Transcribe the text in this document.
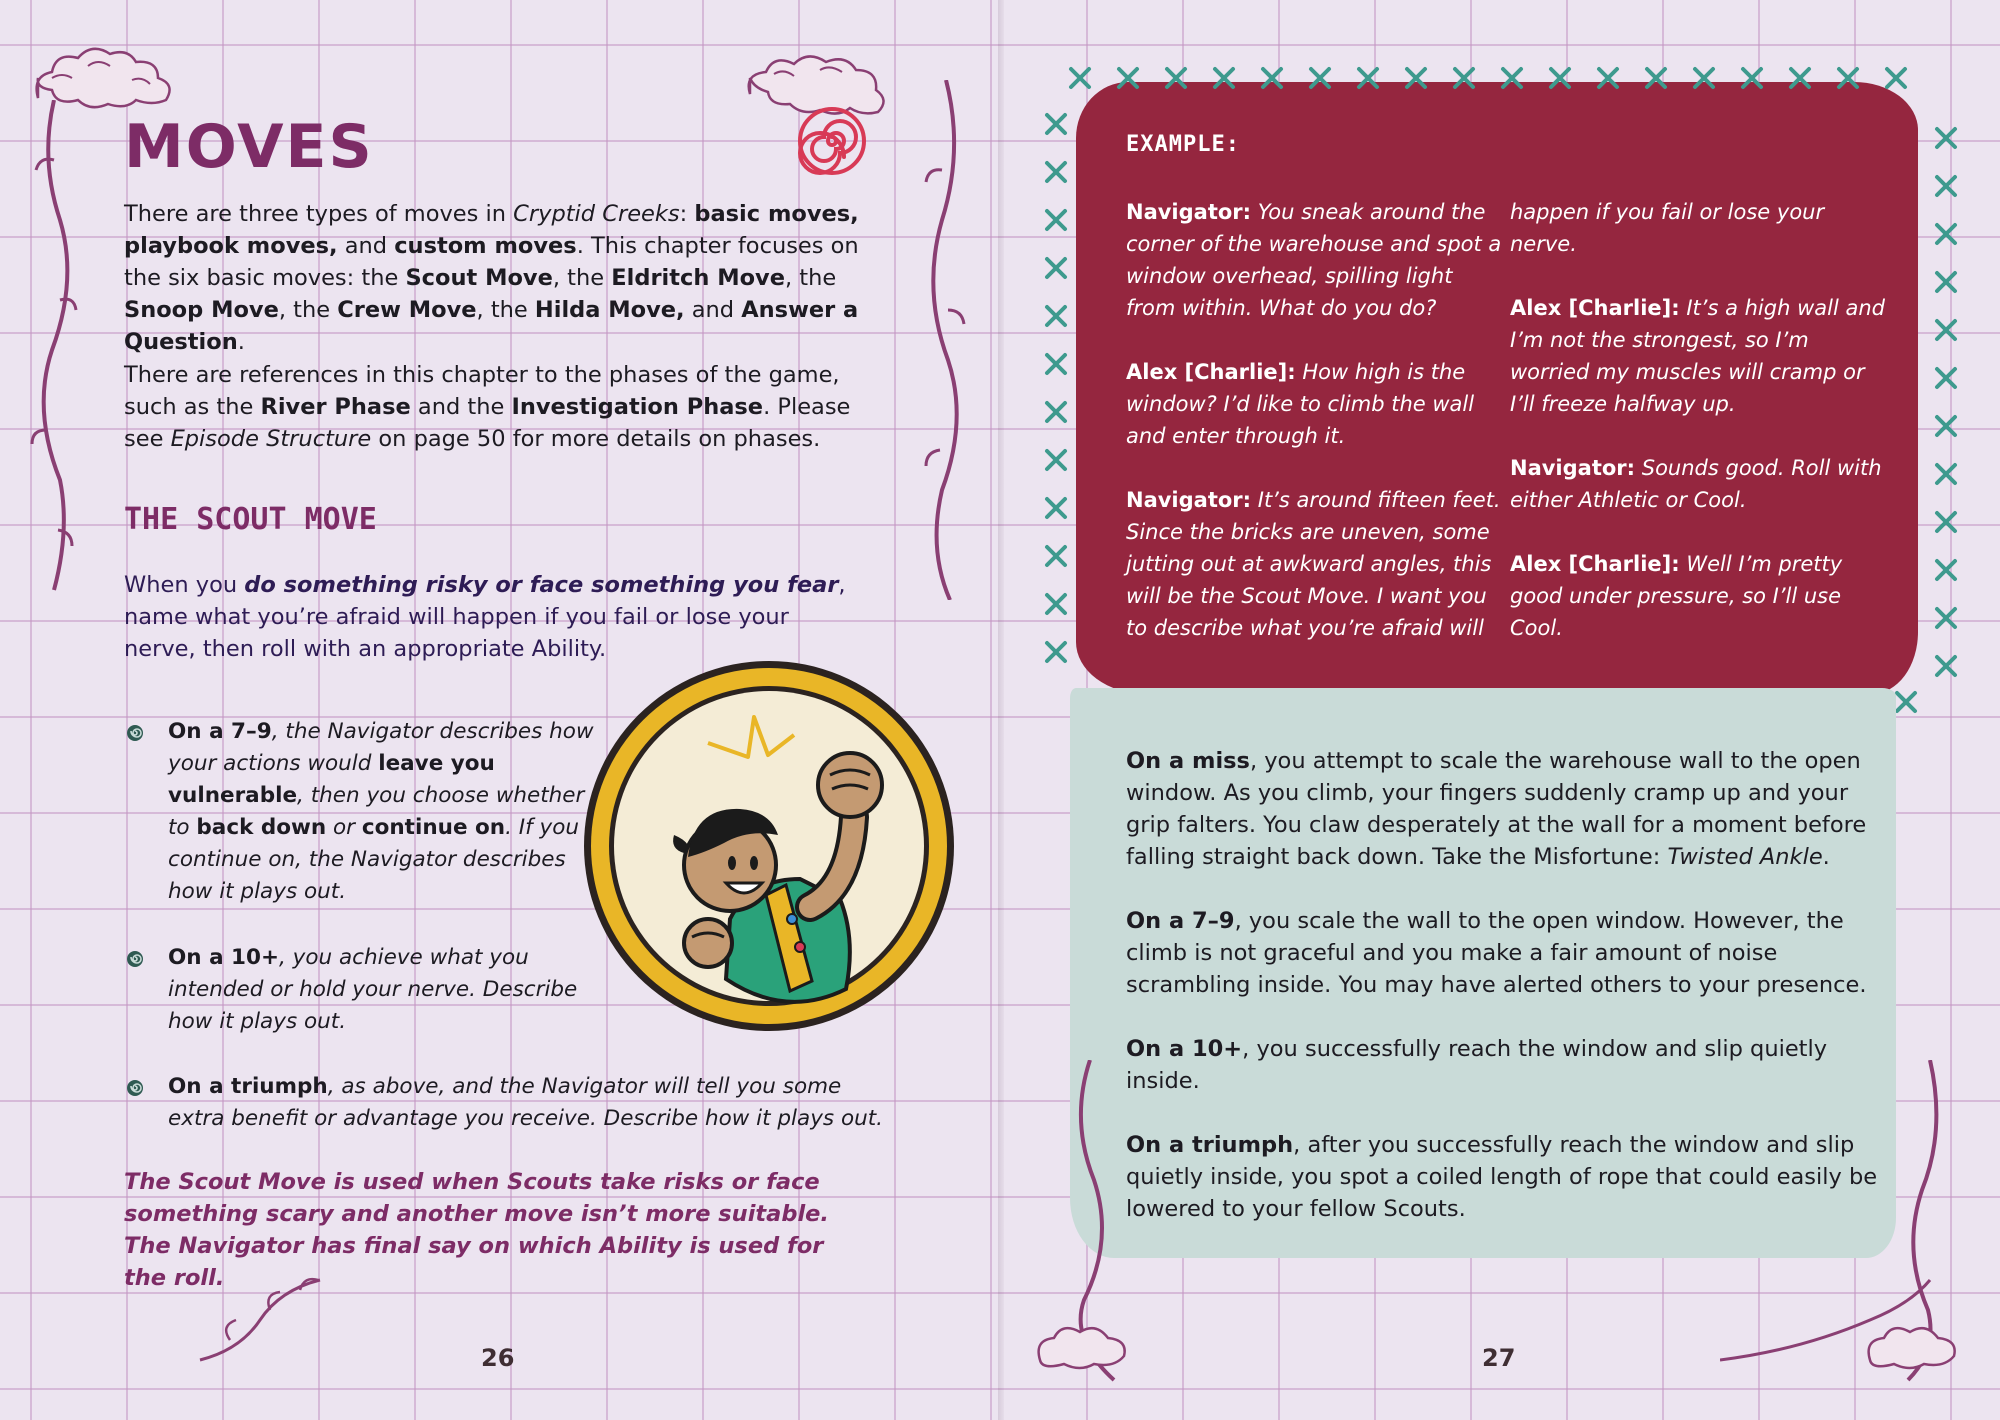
MOVES
There are three types of moves in Cryptid Creeks: basic moves, playbook moves, and custom moves. This chapter focuses on the six basic moves: the Scout Move, the Eldritch Move, the Snoop Move, the Crew Move, the Hilda Move, and Answer a Question.
There are references in this chapter to the phases of the game, such as the River Phase and the Investigation Phase. Please see Episode Structure on page 50 for more details on phases.
THE SCOUT MOVE
When you do something risky or face something you fear, name what you’re afraid will happen if you fail or lose your nerve, then roll with an appropriate Ability.
On a 7–9, the Navigator describes how your actions would leave you vulnerable, then you choose whether to back down or continue on. If you continue on, the Navigator describes how it plays out.
On a 10+, you achieve what you intended or hold your nerve. Describe how it plays out.
On a triumph, as above, and the Navigator will tell you some extra benefit or advantage you receive. Describe how it plays out.
The Scout Move is used when Scouts take risks or face something scary and another move isn’t more suitable. The Navigator has final say on which Ability is used for the roll.
26
EXAMPLE:

Navigator: You sneak around the corner of the warehouse and spot a window overhead, spilling light from within. What do you do?

Alex [Charlie]: How high is the window? I’d like to climb the wall and enter through it.

Navigator: It’s around fifteen feet. Since the bricks are uneven, some jutting out at awkward angles, this will be the Scout Move. I want you to describe what you’re afraid will

happen if you fail or lose your nerve.

Alex [Charlie]: It’s a high wall and I’m not the strongest, so I’m worried my muscles will cramp or I’ll freeze halfway up.

Navigator: Sounds good. Roll with either Athletic or Cool.

Alex [Charlie]: Well I’m pretty good under pressure, so I’ll use Cool.

On a miss, you attempt to scale the warehouse wall to the open window. As you climb, your fingers suddenly cramp up and your grip falters. You claw desperately at the wall for a moment before falling straight back down. Take the Misfortune: Twisted Ankle.

On a 7–9, you scale the wall to the open window. However, the climb is not graceful and you make a fair amount of noise scrambling inside. You may have alerted others to your presence.

On a 10+, you successfully reach the window and slip quietly inside.

On a triumph, after you successfully reach the window and slip quietly inside, you spot a coiled length of rope that could easily be lowered to your fellow Scouts.

27
